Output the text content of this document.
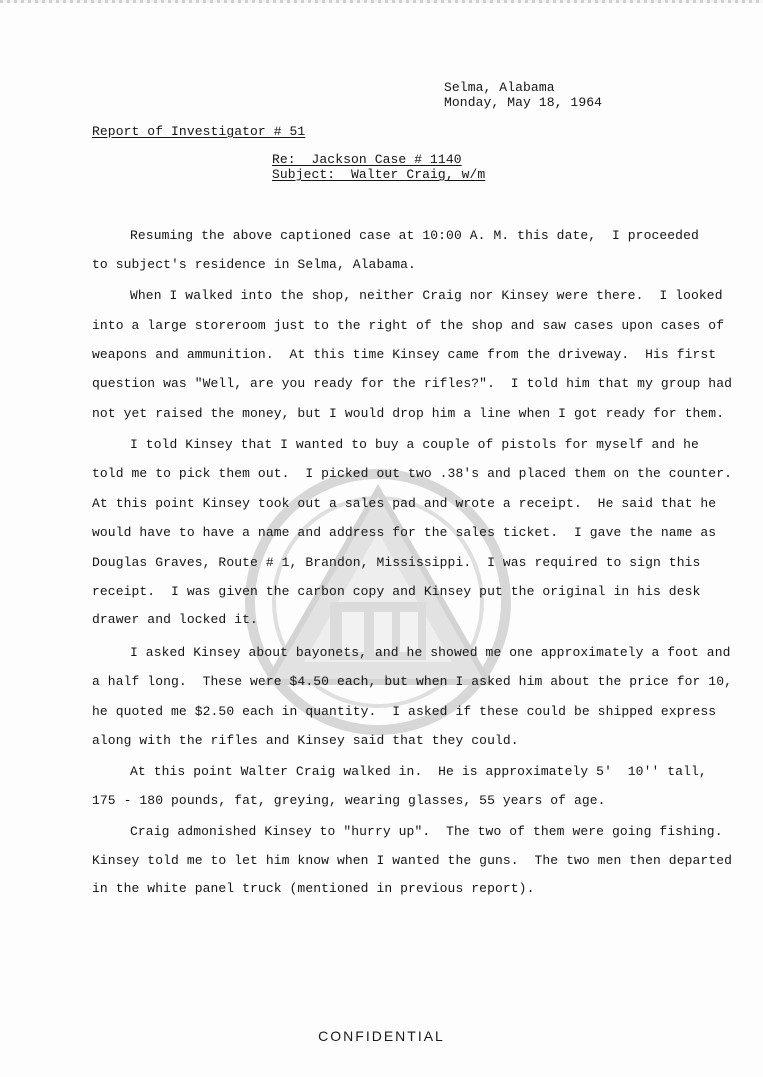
Selma, Alabama
Monday, May 18, 1964
Report of Investigator # 51
Re:  Jackson Case # 1140
Subject:  Walter Craig, w/m
Resuming the above captioned case at 10:00 A. M. this date,  I proceeded
to subject's residence in Selma, Alabama.
When I walked into the shop, neither Craig nor Kinsey were there.  I looked
into a large storeroom just to the right of the shop and saw cases upon cases of
weapons and ammunition.  At this time Kinsey came from the driveway.  His first
question was "Well, are you ready for the rifles?".  I told him that my group had
not yet raised the money, but I would drop him a line when I got ready for them.
I told Kinsey that I wanted to buy a couple of pistols for myself and he
told me to pick them out.  I picked out two .38's and placed them on the counter.
At this point Kinsey took out a sales pad and wrote a receipt.  He said that he
would have to have a name and address for the sales ticket.  I gave the name as
Douglas Graves, Route # 1, Brandon, Mississippi.  I was required to sign this
receipt.  I was given the carbon copy and Kinsey put the original in his desk
drawer and locked it.
I asked Kinsey about bayonets, and he showed me one approximately a foot and
a half long.  These were $4.50 each, but when I asked him about the price for 10,
he quoted me $2.50 each in quantity.  I asked if these could be shipped express
along with the rifles and Kinsey said that they could.
At this point Walter Craig walked in.  He is approximately 5'  10'' tall,
175 - 180 pounds, fat, greying, wearing glasses, 55 years of age.
Craig admonished Kinsey to "hurry up".  The two of them were going fishing.
Kinsey told me to let him know when I wanted the guns.  The two men then departed
in the white panel truck (mentioned in previous report).
CONFIDENTIAL
